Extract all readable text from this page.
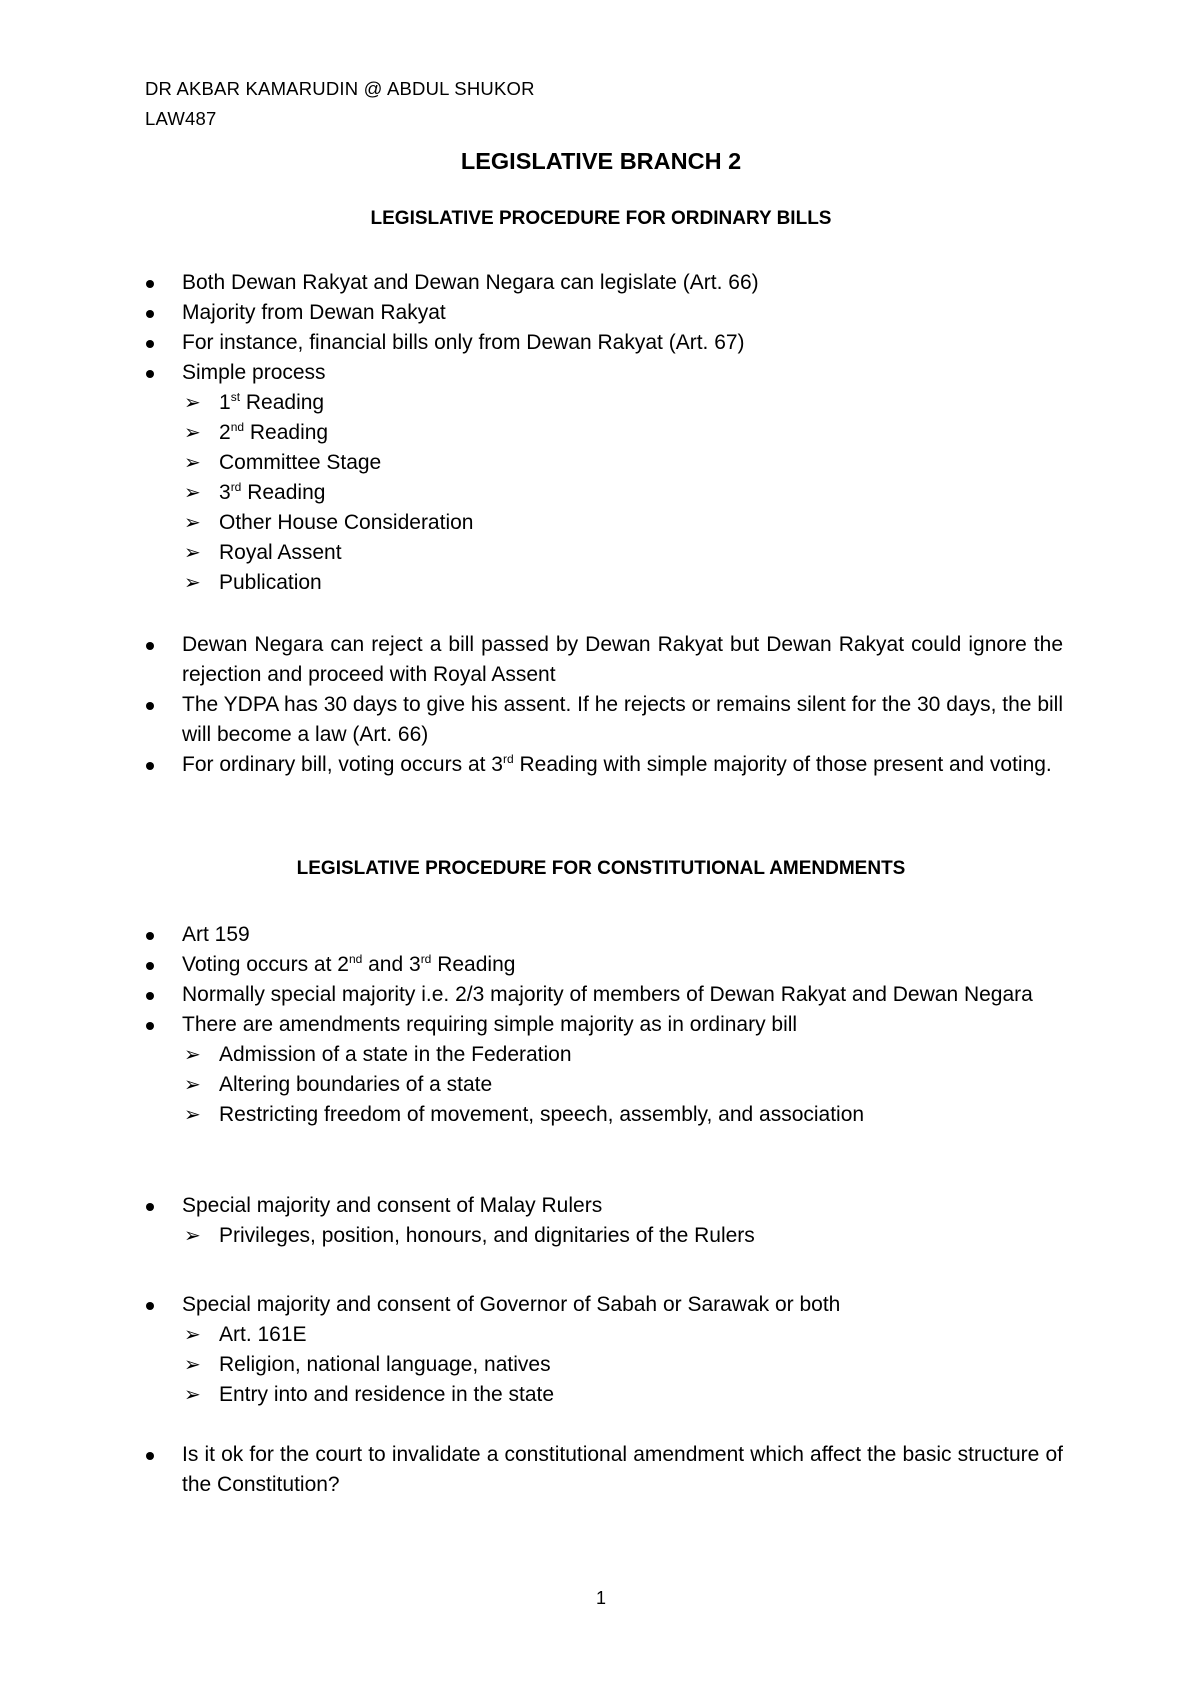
DR AKBAR KAMARUDIN @ ABDUL SHUKOR
LAW487
LEGISLATIVE BRANCH 2
LEGISLATIVE PROCEDURE FOR ORDINARY BILLS
Both Dewan Rakyat and Dewan Negara can legislate (Art. 66)
Majority from Dewan Rakyat
For instance, financial bills only from Dewan Rakyat (Art. 67)
Simple process
➢ 1st Reading
➢ 2nd Reading
➢ Committee Stage
➢ 3rd Reading
➢ Other House Consideration
➢ Royal Assent
➢ Publication
Dewan Negara can reject a bill passed by Dewan Rakyat but Dewan Rakyat could ignore the rejection and proceed with Royal Assent
The YDPA has 30 days to give his assent. If he rejects or remains silent for the 30 days, the bill will become a law (Art. 66)
For ordinary bill, voting occurs at 3rd Reading with simple majority of those present and voting.
LEGISLATIVE PROCEDURE FOR CONSTITUTIONAL AMENDMENTS
Art 159
Voting occurs at 2nd and 3rd Reading
Normally special majority i.e. 2/3 majority of members of Dewan Rakyat and Dewan Negara
There are amendments requiring simple majority as in ordinary bill
➢ Admission of a state in the Federation
➢ Altering boundaries of a state
➢ Restricting freedom of movement, speech, assembly, and association
Special majority and consent of Malay Rulers
➢ Privileges, position, honours, and dignitaries of the Rulers
Special majority and consent of Governor of Sabah or Sarawak or both
➢ Art. 161E
➢ Religion, national language, natives
➢ Entry into and residence in the state
Is it ok for the court to invalidate a constitutional amendment which affect the basic structure of the Constitution?
1
